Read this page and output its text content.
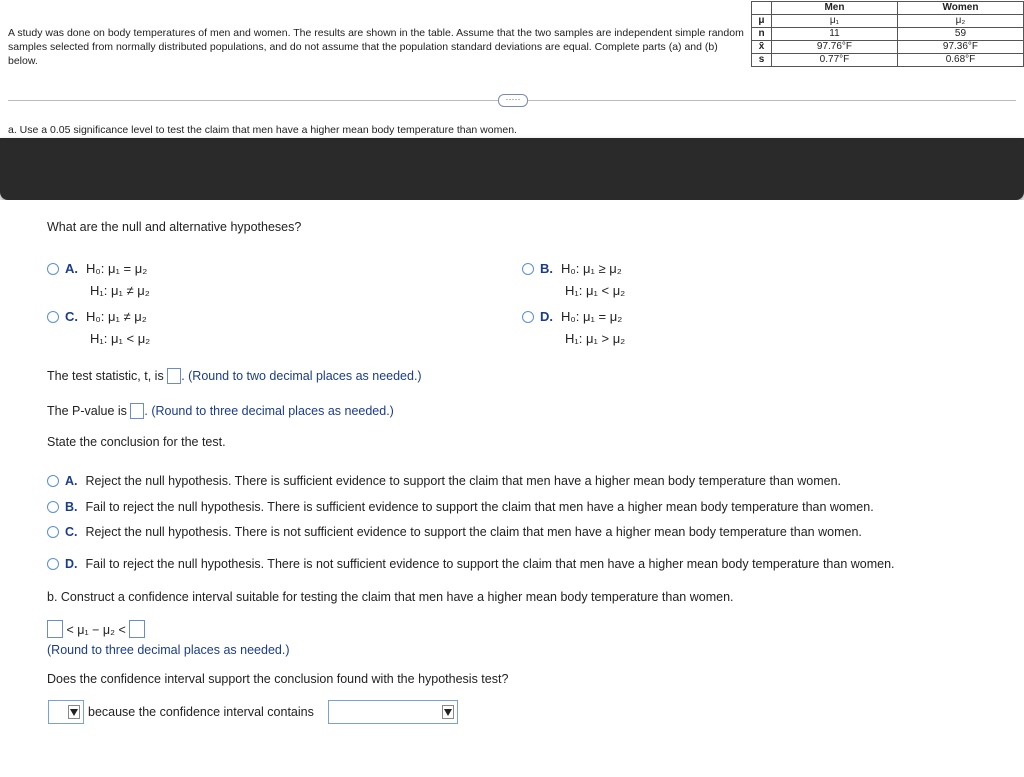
A study was done on body temperatures of men and women. The results are shown in the table. Assume that the two samples are independent simple random
samples selected from normally distributed populations, and do not assume that the population standard deviations are equal. Complete parts (a) and (b) below.
	Men	Women
μ	μ₁	μ₂
n	11	59
x̄	97.76°F	97.36°F
s	0.77°F	0.68°F
·····
a. Use a 0.05 significance level to test the claim that men have a higher mean body temperature than women.
What are the null and alternative hypotheses?
A. H₀: μ₁ = μ₂
H₁: μ₁ ≠ μ₂
B. H₀: μ₁ ≥ μ₂
H₁: μ₁ < μ₂
C. H₀: μ₁ ≠ μ₂
H₁: μ₁ < μ₂
D. H₀: μ₁ = μ₂
H₁: μ₁ > μ₂
The test statistic, t, is . (Round to two decimal places as needed.)
The P-value is . (Round to three decimal places as needed.)
State the conclusion for the test.
A. Reject the null hypothesis. There is sufficient evidence to support the claim that men have a higher mean body temperature than women.
B. Fail to reject the null hypothesis. There is sufficient evidence to support the claim that men have a higher mean body temperature than women.
C. Reject the null hypothesis. There is not sufficient evidence to support the claim that men have a higher mean body temperature than women.
D. Fail to reject the null hypothesis. There is not sufficient evidence to support the claim that men have a higher mean body temperature than women.
b. Construct a confidence interval suitable for testing the claim that men have a higher mean body temperature than women.
< μ₁ − μ₂ <
(Round to three decimal places as needed.)
Does the confidence interval support the conclusion found with the hypothesis test?
because the confidence interval contains
